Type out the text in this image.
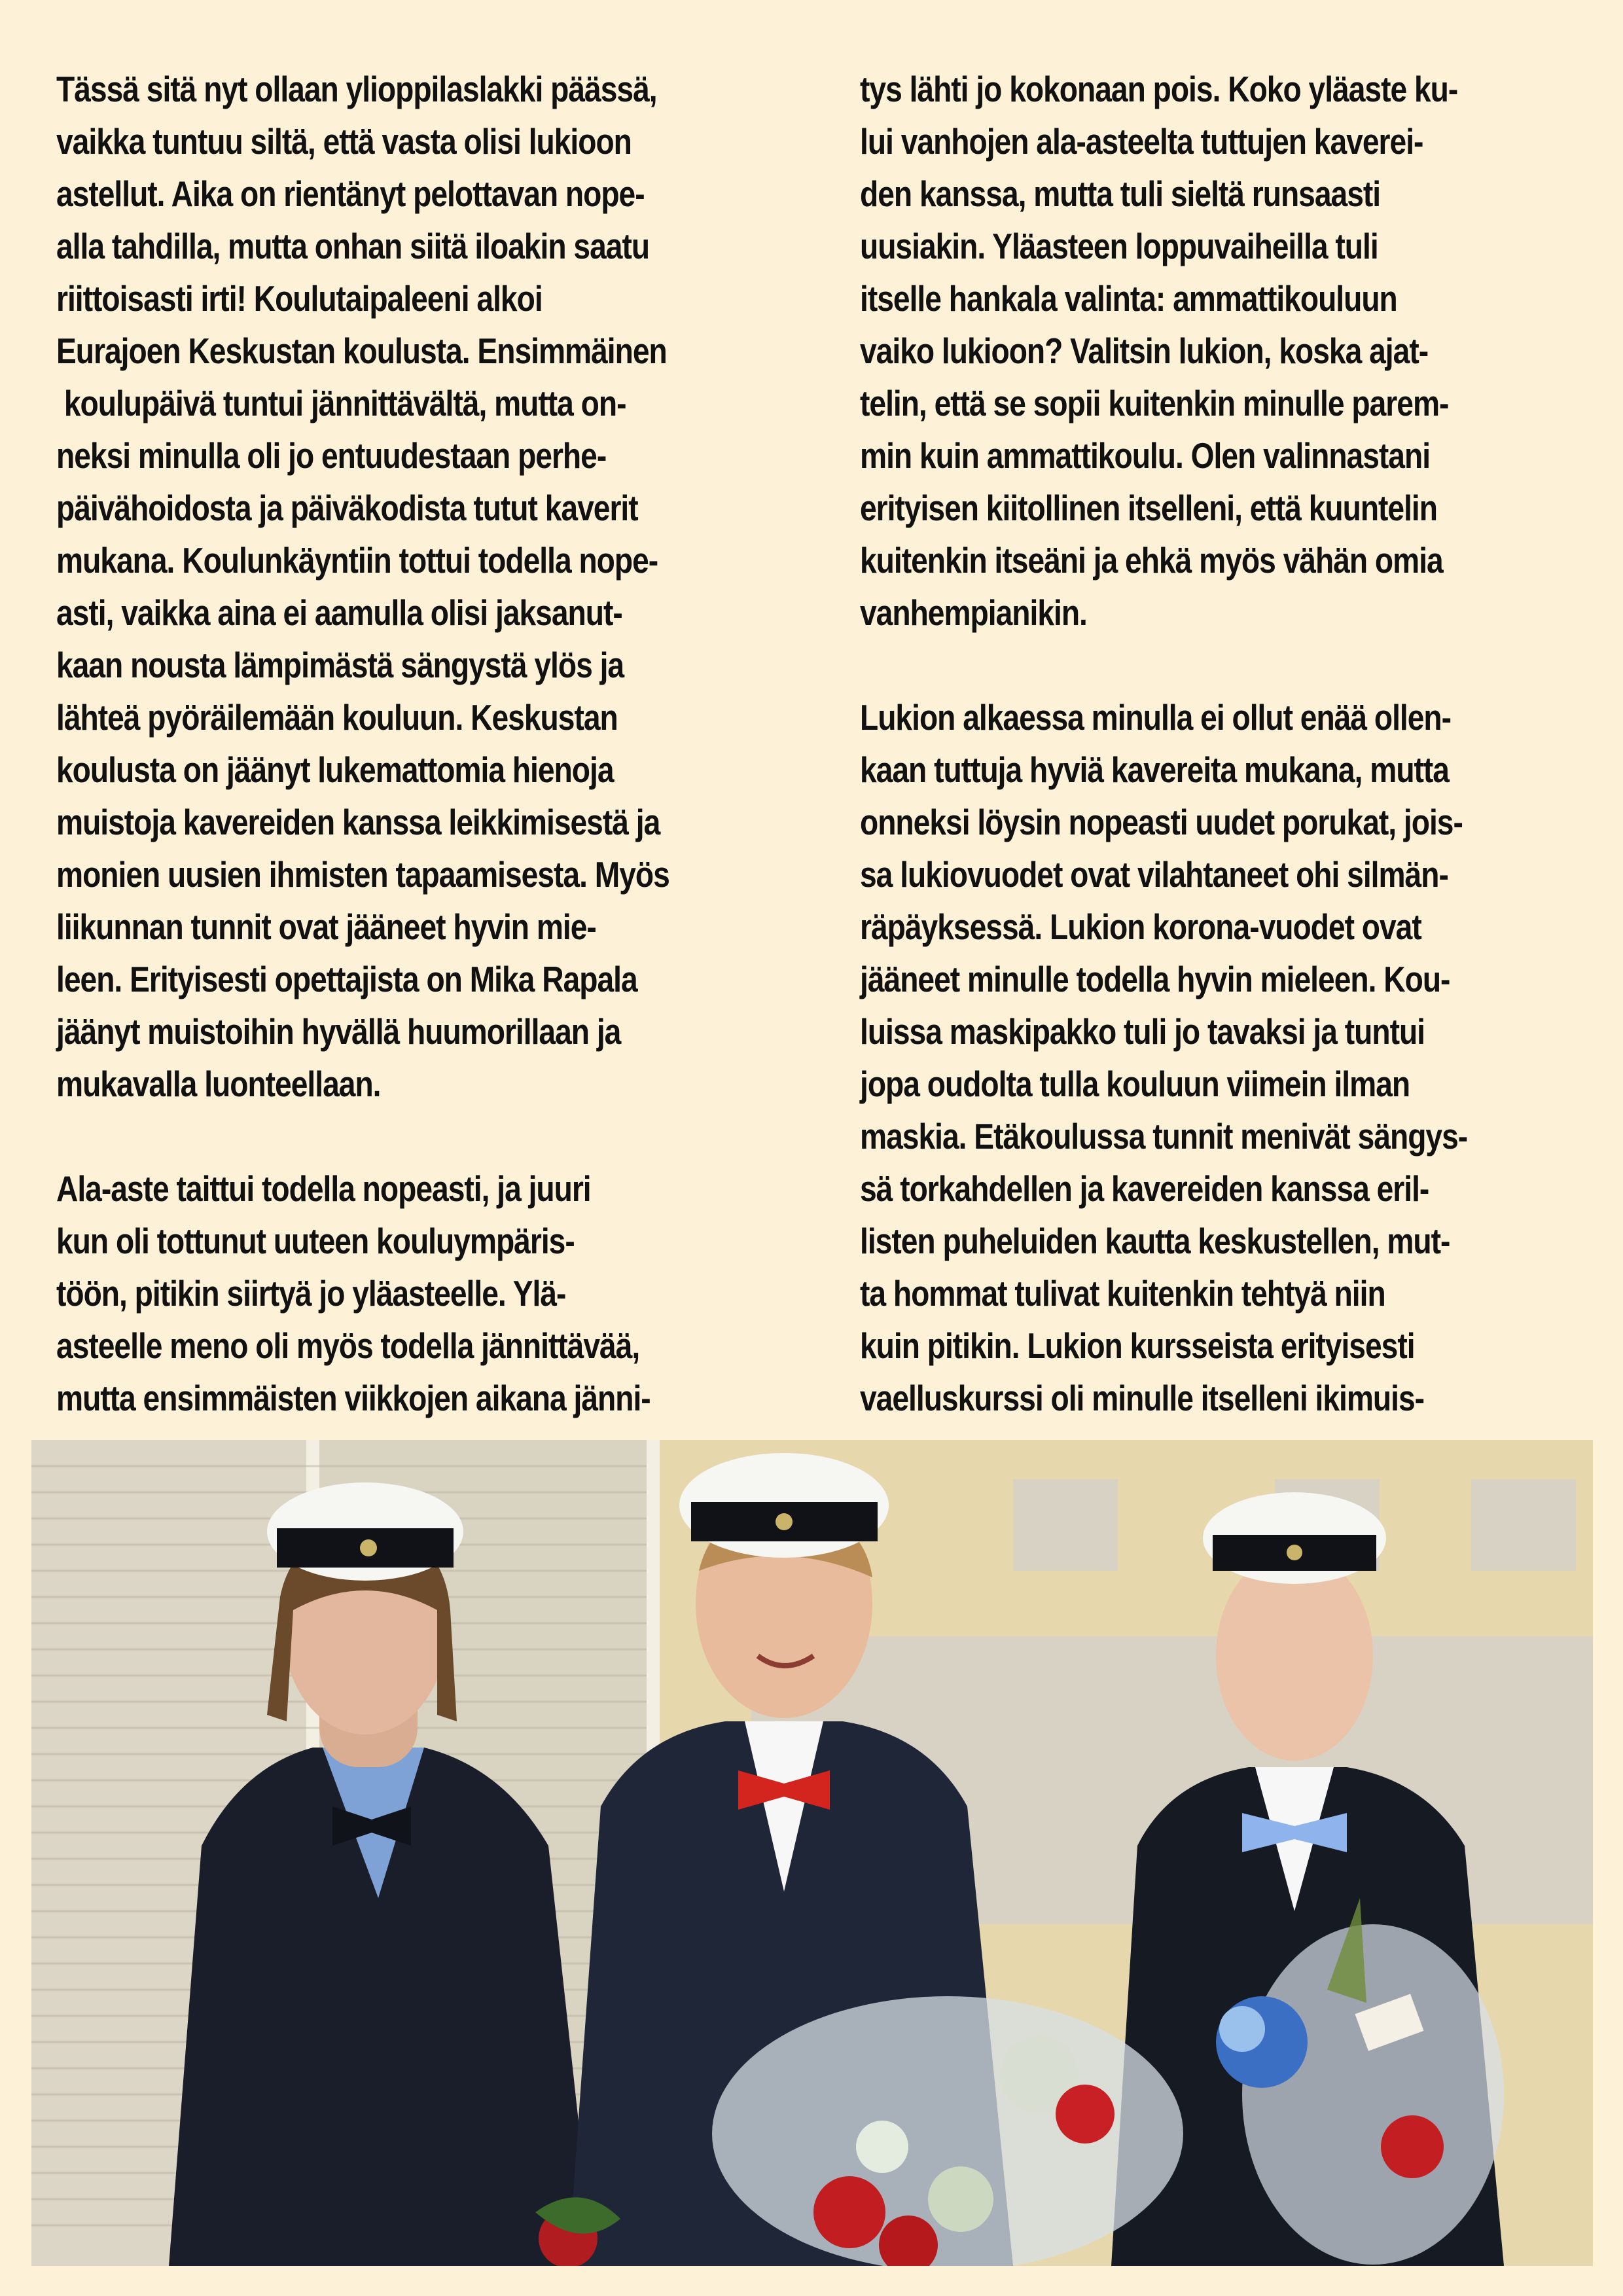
Tässä sitä nyt ollaan ylioppilaslakki päässä,

vaikka tuntuu siltä, että vasta olisi lukioon

astellut. Aika on rientänyt pelottavan nope-

alla tahdilla, mutta onhan siitä iloakin saatu

riittoisasti irti! Koulutaipaleeni alkoi

Eurajoen Keskustan koulusta. Ensimmäinen

koulupäivä tuntui jännittävältä, mutta on-

neksi minulla oli jo entuudestaan perhe-

päivähoidosta ja päiväkodista tutut kaverit

mukana. Koulunkäyntiin tottui todella nope-

asti, vaikka aina ei aamulla olisi jaksanut-

kaan nousta lämpimästä sängystä ylös ja

lähteä pyöräilemään kouluun. Keskustan

koulusta on jäänyt lukemattomia hienoja

muistoja kavereiden kanssa leikkimisestä ja

monien uusien ihmisten tapaamisesta. Myös

liikunnan tunnit ovat jääneet hyvin mie-

leen. Erityisesti opettajista on Mika Rapala

jäänyt muistoihin hyvällä huumorillaan ja

mukavalla luonteellaan.

Ala-aste taittui todella nopeasti, ja juuri

kun oli tottunut uuteen kouluympäris-

töön, pitikin siirtyä jo yläasteelle. Ylä-

asteelle meno oli myös todella jännittävää,

mutta ensimmäisten viikkojen aikana jänni-

tys lähti jo kokonaan pois. Koko yläaste ku-

lui vanhojen ala-asteelta tuttujen kaverei-

den kanssa, mutta tuli sieltä runsaasti

uusiakin. Yläasteen loppuvaiheilla tuli

itselle hankala valinta: ammattikouluun

vaiko lukioon? Valitsin lukion, koska ajat-

telin, että se sopii kuitenkin minulle parem-

min kuin ammattikoulu. Olen valinnastani

erityisen kiitollinen itselleni, että kuuntelin

kuitenkin itseäni ja ehkä myös vähän omia

vanhempianikin.

Lukion alkaessa minulla ei ollut enää ollen-

kaan tuttuja hyviä kavereita mukana, mutta

onneksi löysin nopeasti uudet porukat, jois-

sa lukiovuodet ovat vilahtaneet ohi silmän-

räpäyksessä. Lukion korona-vuodet ovat

jääneet minulle todella hyvin mieleen. Kou-

luissa maskipakko tuli jo tavaksi ja tuntui

jopa oudolta tulla kouluun viimein ilman

maskia. Etäkoulussa tunnit menivät sängys-

sä torkahdellen ja kavereiden kanssa eril-

listen puheluiden kautta keskustellen, mut-

ta hommat tulivat kuitenkin tehtyä niin

kuin pitikin. Lukion kursseista erityisesti

vaelluskurssi oli minulle itselleni ikimuis-
